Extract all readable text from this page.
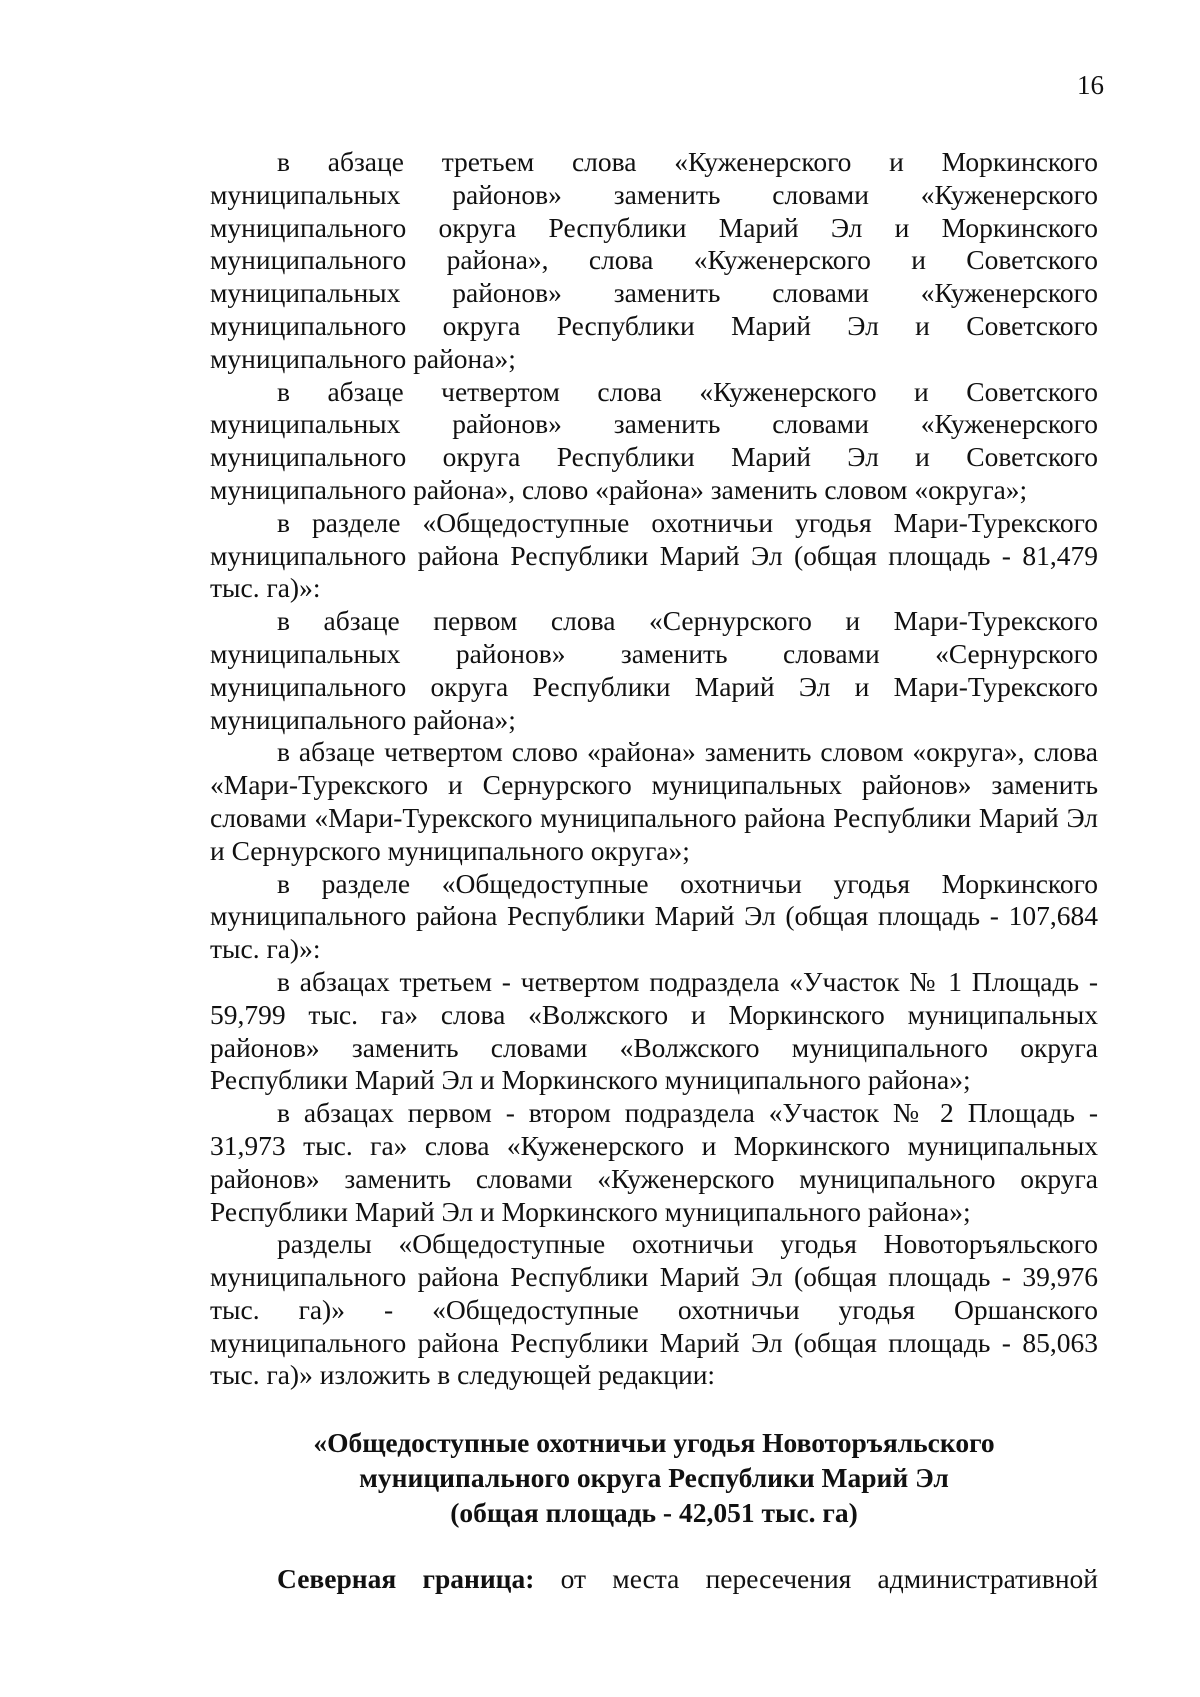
16

в абзаце третьем слова «Куженерского и Моркинского муниципальных районов» заменить словами «Куженерского муниципального округа Республики Марий Эл и Моркинского муниципального района», слова «Куженерского и Советского муниципальных районов» заменить словами «Куженерского муниципального округа Республики Марий Эл и Советского муниципального района»;

в абзаце четвертом слова «Куженерского и Советского муниципальных районов» заменить словами «Куженерского муниципального округа Республики Марий Эл и Советского муниципального района», слово «района» заменить словом «округа»;

в разделе «Общедоступные охотничьи угодья Мари-Турекского муниципального района Республики Марий Эл (общая площадь - 81,479 тыс. га)»:

в абзаце первом слова «Сернурского и Мари-Турекского муниципальных районов» заменить словами «Сернурского муниципального округа Республики Марий Эл и Мари-Турекского муниципального района»;

в абзаце четвертом слово «района» заменить словом «округа», слова «Мари-Турекского и Сернурского муниципальных районов» заменить словами «Мари-Турекского муниципального района Республики Марий Эл и Сернурского муниципального округа»;

в разделе «Общедоступные охотничьи угодья Моркинского муниципального района Республики Марий Эл (общая площадь - 107,684 тыс. га)»:

в абзацах третьем - четвертом подраздела «Участок № 1 Площадь - 59,799 тыс. га» слова «Волжского и Моркинского муниципальных районов» заменить словами «Волжского муниципального округа Республики Марий Эл и Моркинского муниципального района»;

в абзацах первом - втором подраздела «Участок № 2 Площадь - 31,973 тыс. га» слова «Куженерского и Моркинского муниципальных районов» заменить словами «Куженерского муниципального округа Республики Марий Эл и Моркинского муниципального района»;

разделы «Общедоступные охотничьи угодья Новоторъяльского муниципального района Республики Марий Эл (общая площадь - 39,976 тыс. га)» - «Общедоступные охотничьи угодья Оршанского муниципального района Республики Марий Эл (общая площадь - 85,063 тыс. га)» изложить в следующей редакции:

«Общедоступные охотничьи угодья Новоторъяльского
муниципального округа Республики Марий Эл
(общая площадь - 42,051 тыс. га)

Северная граница: от места пересечения административной
